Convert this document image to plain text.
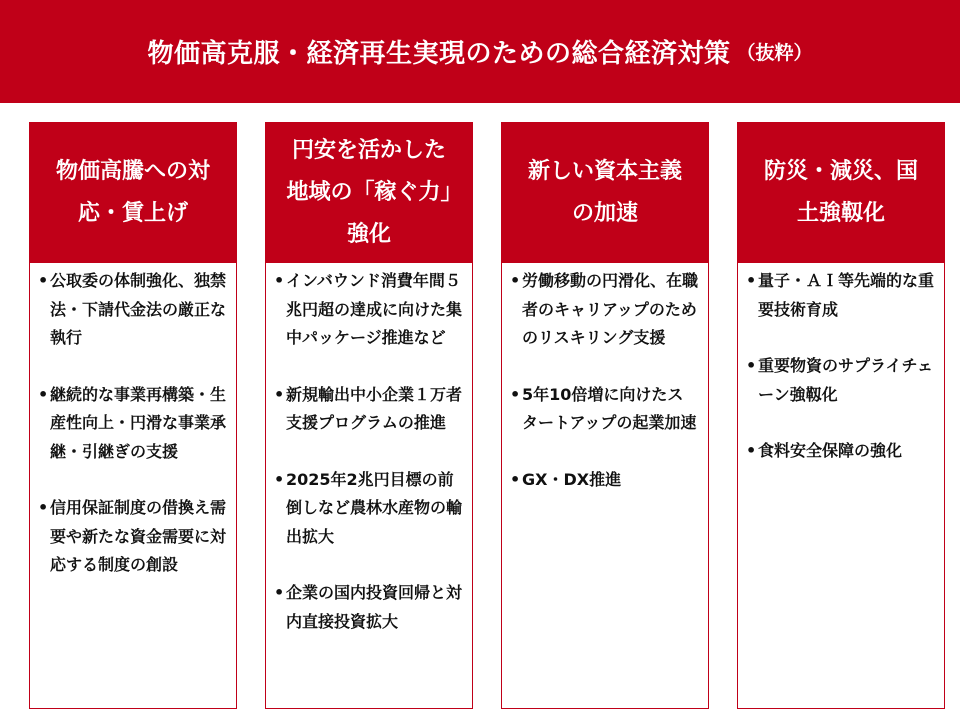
物価高克服・経済再生実現のための総合経済対策 （抜粋）
物価高騰への対応・賃上げ
• 公取委の体制強化、独禁法・下請代金法の厳正な執行
• 継続的な事業再構築・生産性向上・円滑な事業承継・引継ぎの支援
• 信用保証制度の借換え需要や新たな資金需要に対応する制度の創設
円安を活かした地域の「稼ぐ力」強化
• インバウンド消費年間５兆円超の達成に向けた集中パッケージ推進など
• 新規輸出中小企業１万者支援プログラムの推進
• 2025年2兆円目標の前倒しなど農林水産物の輸出拡大
• 企業の国内投資回帰と対内直接投資拡大
新しい資本主義の加速
• 労働移動の円滑化、在職者のキャリアップのためのリスキリング支援
• 5年10倍増に向けたスタートアップの起業加速
• GX・DX推進
防災・減災、国土強靱化
• 量子・ＡＩ等先端的な重要技術育成
• 重要物資のサプライチェーン強靱化
• 食料安全保障の強化
